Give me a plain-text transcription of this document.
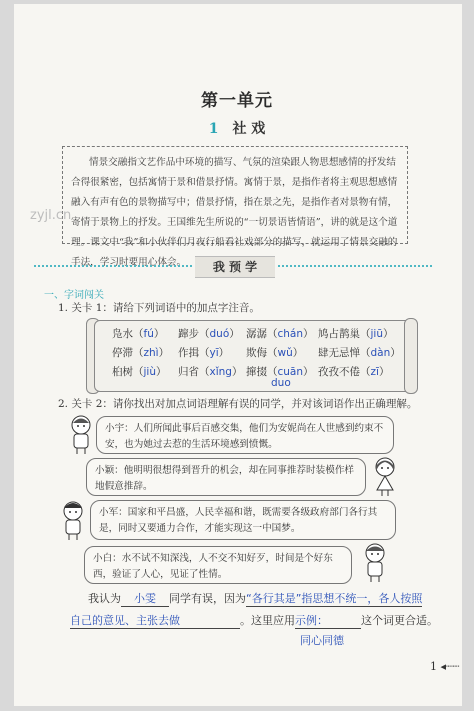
第一单元
1 社 戏
情景交融指文艺作品中环境的描写、气氛的渲染跟人物思想感情的抒发结合得很紧密，包括寓情于景和借景抒情。寓情于景，是指作者将主观思想感情融入有声有色的景物描写中；借景抒情，指在景之先，是指作者对景物有情，寄情于景物上的抒发。王国维先生所说的“一切景语皆情语”，讲的就是这个道理。课文中“我”和小伙伴们月夜行船看社戏部分的描写，就运用了情景交融的手法，学习时要用心体会。
zyjl.cn
我 预 学
一、字词闯关
1. 关卡 1：请给下列词语中的加点字注音。
凫水（fú） 蹿步（duó） 潺潺（chán） 鸠占鹊巢（jiū）
停滞（zhì） 作揖（yī） 欺侮（wǔ） 肆无忌惮（dàn）
桕树（jiù） 归省（xǐng） 撺掇（cuān） 孜孜不倦（zī）
duo
2. 关卡 2：请你找出对加点词语理解有误的同学，并对该词语作出正确理解。
小宇：人们所闻此事后百感交集，他们为安妮尚在人世感到约束不安，也为她过去惹的生活环境感到愤慨。
小颖：他明明很想得到晋升的机会，却在同事推荐时装模作样地假意推辞。
小军：国家和平昌盛，人民幸福和谐，既需要各级政府部门各行其是，同时又要通力合作，才能实现这一中国梦。
小白：水不试不知深浅，人不交不知好歹，时间是个好东西，验证了人心，见证了性情。
我认为 小雯 同学有误，因为“各行其是”指思想不统一，各人按照
自己的意见、主张去做	。这里应用示例：	这个词更合适。
同心同德
1 ◂┈┈
